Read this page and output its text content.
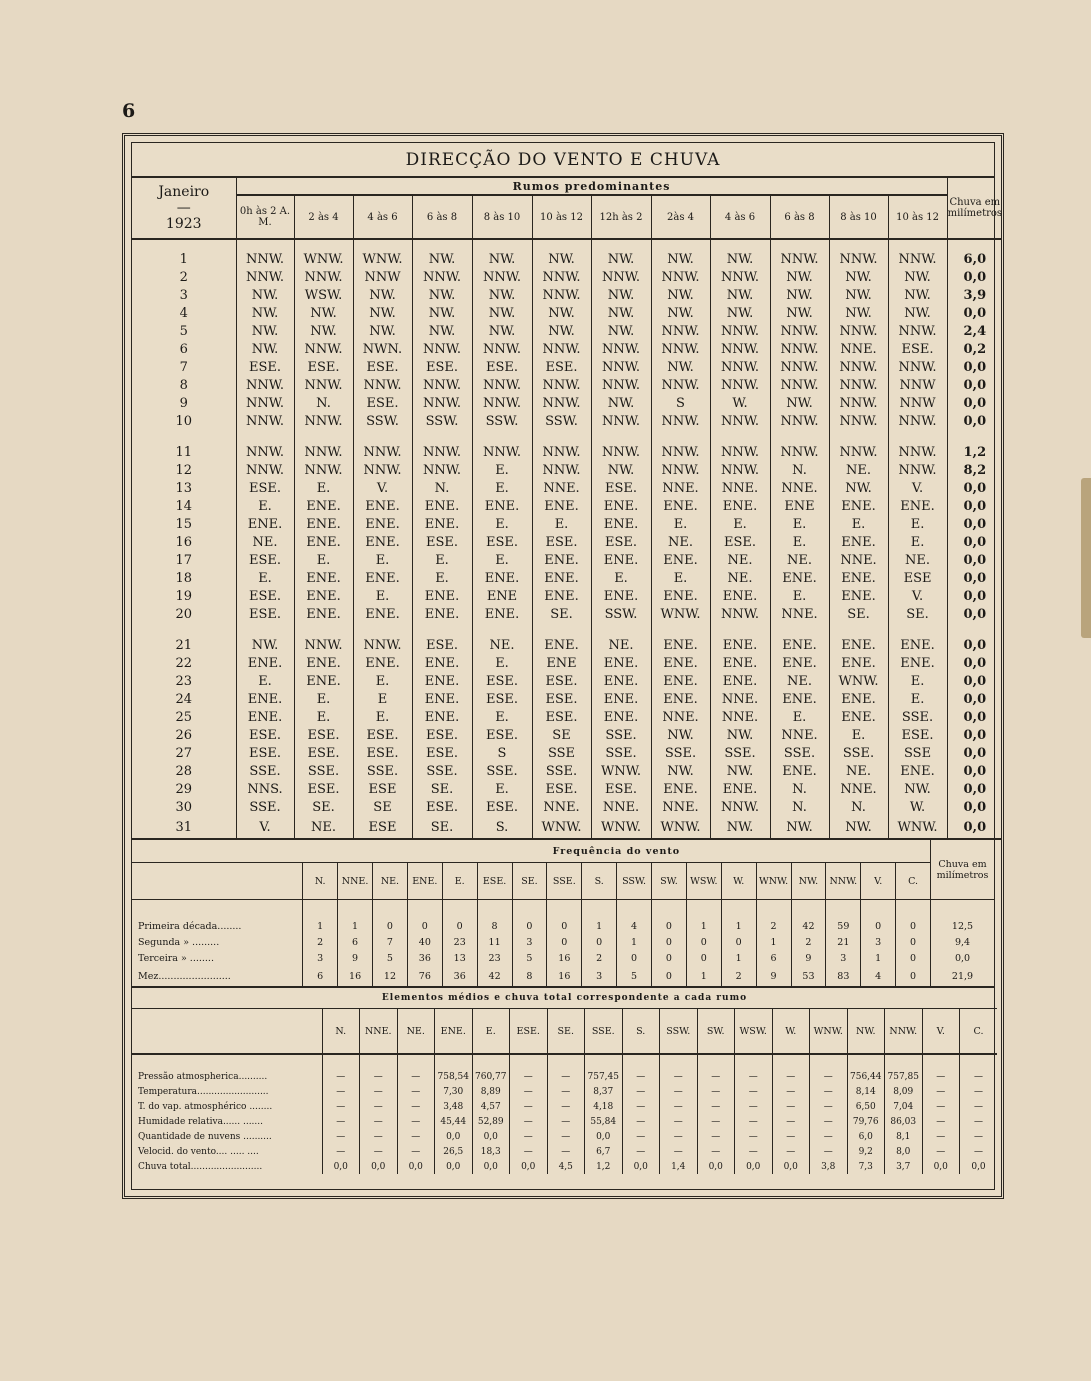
6
DIRECÇÃO DO VENTO E CHUVA
Janeiro
—
1923	Rumos predominantes												Chuva em milímetros
	0h às 2 A. M.	2 às 4	4 às 6	6 às 8	8 às 10	10 às 12	12h às 2	2às 4	4 às 6	6 às 8	8 às 10	10 às 12	
1	NNW.	WNW.	WNW.	NW.	NW.	NW.	NW.	NW.	NW.	NNW.	NNW.	NNW.	6,0
2	NNW.	NNW.	NNW	NNW.	NNW.	NNW.	NNW.	NNW.	NNW.	NW.	NW.	NW.	0,0
3	NW.	WSW.	NW.	NW.	NW.	NNW.	NW.	NW.	NW.	NW.	NW.	NW.	3,9
4	NW.	NW.	NW.	NW.	NW.	NW.	NW.	NW.	NW.	NW.	NW.	NW.	0,0
5	NW.	NW.	NW.	NW.	NW.	NW.	NW.	NNW.	NNW.	NNW.	NNW.	NNW.	2,4
6	NW.	NNW.	NWN.	NNW.	NNW.	NNW.	NNW.	NNW.	NNW.	NNW.	NNE.	ESE.	0,2
7	ESE.	ESE.	ESE.	ESE.	ESE.	ESE.	NNW.	NW.	NNW.	NNW.	NNW.	NNW.	0,0
8	NNW.	NNW.	NNW.	NNW.	NNW.	NNW.	NNW.	NNW.	NNW.	NNW.	NNW.	NNW	0,0
9	NNW.	N.	ESE.	NNW.	NNW.	NNW.	NW.	S	W.	NW.	NNW.	NNW	0,0
10	NNW.	NNW.	SSW.	SSW.	SSW.	SSW.	NNW.	NNW.	NNW.	NNW.	NNW.	NNW.	0,0

11	NNW.	NNW.	NNW.	NNW.	NNW.	NNW.	NNW.	NNW.	NNW.	NNW.	NNW.	NNW.	1,2
12	NNW.	NNW.	NNW.	NNW.	E.	NNW.	NW.	NNW.	NNW.	N.	NE.	NNW.	8,2
13	ESE.	E.	V.	N.	E.	NNE.	ESE.	NNE.	NNE.	NNE.	NW.	V.	0,0
14	E.	ENE.	ENE.	ENE.	ENE.	ENE.	ENE.	ENE.	ENE.	ENE	ENE.	ENE.	0,0
15	ENE.	ENE.	ENE.	ENE.	E.	E.	ENE.	E.	E.	E.	E.	E.	0,0
16	NE.	ENE.	ENE.	ESE.	ESE.	ESE.	ESE.	NE.	ESE.	E.	ENE.	E.	0,0
17	ESE.	E.	E.	E.	E.	ENE.	ENE.	ENE.	NE.	NE.	NNE.	NE.	0,0
18	E.	ENE.	ENE.	E.	ENE.	ENE.	E.	E.	NE.	ENE.	ENE.	ESE	0,0
19	ESE.	ENE.	E.	ENE.	ENE	ENE.	ENE.	ENE.	ENE.	E.	ENE.	V.	0,0
20	ESE.	ENE.	ENE.	ENE.	ENE.	SE.	SSW.	WNW.	NNW.	NNE.	SE.	SE.	0,0

21	NW.	NNW.	NNW.	ESE.	NE.	ENE.	NE.	ENE.	ENE.	ENE.	ENE.	ENE.	0,0
22	ENE.	ENE.	ENE.	ENE.	E.	ENE	ENE.	ENE.	ENE.	ENE.	ENE.	ENE.	0,0
23	E.	ENE.	E.	ENE.	ESE.	ESE.	ENE.	ENE.	ENE.	NE.	WNW.	E.	0,0
24	ENE.	E.	E	ENE.	ESE.	ESE.	ENE.	ENE.	NNE.	ENE.	ENE.	E.	0,0
25	ENE.	E.	E.	ENE.	E.	ESE.	ENE.	NNE.	NNE.	E.	ENE.	SSE.	0,0
26	ESE.	ESE.	ESE.	ESE.	ESE.	SE	SSE.	NW.	NW.	NNE.	E.	ESE.	0,0
27	ESE.	ESE.	ESE.	ESE.	S	SSE	SSE.	SSE.	SSE.	SSE.	SSE.	SSE	0,0
28	SSE.	SSE.	SSE.	SSE.	SSE.	SSE.	WNW.	NW.	NW.	ENE.	NE.	ENE.	0,0
29	NNS.	ESE.	ESE	SE.	E.	ESE.	ESE.	ENE.	ENE.	N.	NNE.	NW.	0,0
30	SSE.	SE.	SE	ESE.	ESE.	NNE.	NNE.	NNE.	NNW.	N.	N.	W.	0,0
31	V.	NE.	ESE	SE.	S.	WNW.	WNW.	WNW.	NW.	NW.	NW.	WNW.	0,0
	Frequência do vento																		Chuva em milímetros
	N.	NNE.	NE.	ENE.	E.	ESE.	SE.	SSE.	S.	SSW.	SW.	WSW.	W.	WNW.	NW.	NNW.	V.	C.	
Primeira década........	1	1	0	0	0	8	0	0	1	4	0	1	1	2	42	59	0	0	12,5
Segunda » .........	2	6	7	40	23	11	3	0	0	1	0	0	0	1	2	21	3	0	9,4
Terceira » ........	3	9	5	36	13	23	5	16	2	0	0	0	1	6	9	3	1	0	0,0
Mez........................	6	16	12	76	36	42	8	16	3	5	0	1	2	9	53	83	4	0	21,9
Elementos médios e chuva total correspondente a cada rumo																		
	N.	NNE.	NE.	ENE.	E.	ESE.	SE.	SSE.	S.	SSW.	SW.	WSW.	W.	WNW.	NW.	NNW.	V.	C.
Pressão atmospherica..........	—	—	—	758,54	760,77	—	—	757,45	—	—	—	—	—	—	756,44	757,85	—	—
Temperatura.........................	—	—	—	7,30	8,89	—	—	8,37	—	—	—	—	—	—	8,14	8,09	—	—
T. do vap. atmosphérico ........	—	—	—	3,48	4,57	—	—	4,18	—	—	—	—	—	—	6,50	7,04	—	—
Humidade relativa...... .......	—	—	—	45,44	52,89	—	—	55,84	—	—	—	—	—	—	79,76	86,03	—	—
Quantidade de nuvens ..........	—	—	—	0,0	0,0	—	—	0,0	—	—	—	—	—	—	6,0	8,1	—	—
Velocid. do vento.... ..... ....	—	—	—	26,5	18,3	—	—	6,7	—	—	—	—	—	—	9,2	8,0	—	—
Chuva total.........................	0,0	0,0	0,0	0,0	0,0	0,0	4,5	1,2	0,0	1,4	0,0	0,0	0,0	3,8	7,3	3,7	0,0	0,0
